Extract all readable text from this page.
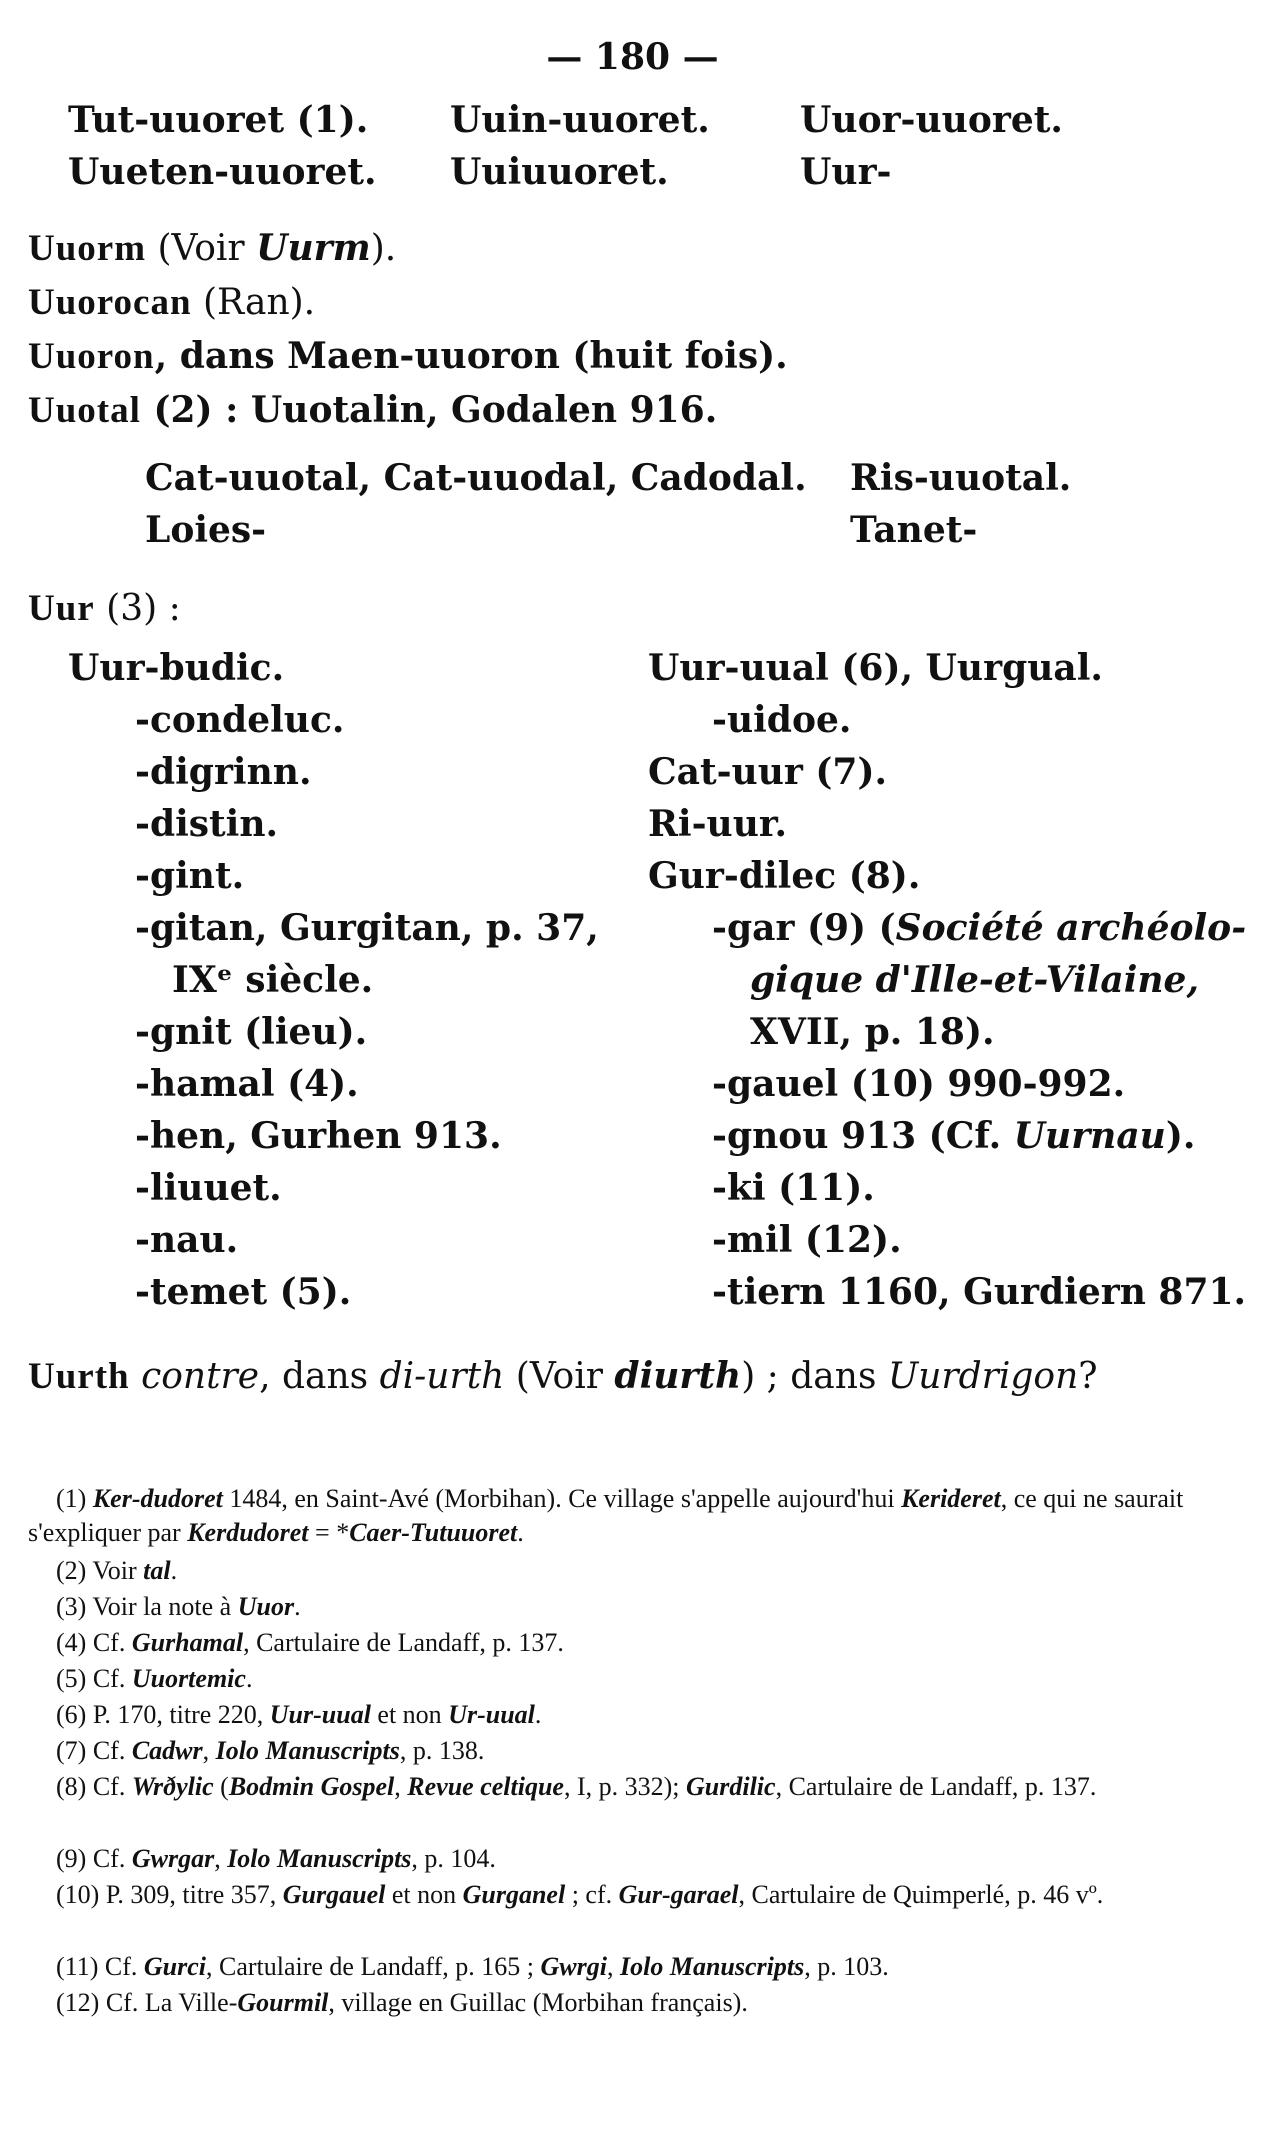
— 180 —
Tut-uuoret (1).
Uueten-uuoret.
Uuin-uuoret.
Uuiuuoret.
Uuor-uuoret.
Uur-
Uuorm (Voir Uurm).
Uuorocan (Ran).
Uuoron, dans Maen-uuoron (huit fois).
Uuotal (2) : Uuotalin, Godalen 916.
Cat-uuotal, Cat-uuodal, Cadodal.
Loies-
Ris-uuotal.
Tanet-
Uur (3) :
Uur-budic.
-condeluc.
-digrinn.
-distin.
-gint.
-gitan, Gurgitan, p. 37,
IXᵉ siècle.
-gnit (lieu).
-hamal (4).
-hen, Gurhen 913.
-liuuet.
-nau.
-temet (5).
Uur-uual (6), Uurgual.
-uidoe.
Cat-uur (7).
Ri-uur.
Gur-dilec (8).
-gar (9) (Société archéolo-
gique d'Ille-et-Vilaine,
XVII, p. 18).
-gauel (10) 990-992.
-gnou 913 (Cf. Uurnau).
-ki (11).
-mil (12).
-tiern 1160, Gurdiern 871.
Uurth contre, dans di-urth (Voir diurth) ; dans Uurdrigon?
(1) Ker-dudoret 1484, en Saint-Avé (Morbihan). Ce village s'appelle aujourd'hui Kerideret, ce qui ne saurait s'expliquer par Kerdudoret = *Caer-Tutuuoret.
(2) Voir tal.
(3) Voir la note à Uuor.
(4) Cf. Gurhamal, Cartulaire de Landaff, p. 137.
(5) Cf. Uuortemic.
(6) P. 170, titre 220, Uur-uual et non Ur-uual.
(7) Cf. Cadwr, Iolo Manuscripts, p. 138.
(8) Cf. Wrðylic (Bodmin Gospel, Revue celtique, I, p. 332); Gurdilic, Cartulaire de Landaff, p. 137.
(9) Cf. Gwrgar, Iolo Manuscripts, p. 104.
(10) P. 309, titre 357, Gurgauel et non Gurganel ; cf. Gur-garael, Cartulaire de Quimperlé, p. 46 vº.
(11) Cf. Gurci, Cartulaire de Landaff, p. 165 ; Gwrgi, Iolo Manuscripts, p. 103.
(12) Cf. La Ville-Gourmil, village en Guillac (Morbihan français).
